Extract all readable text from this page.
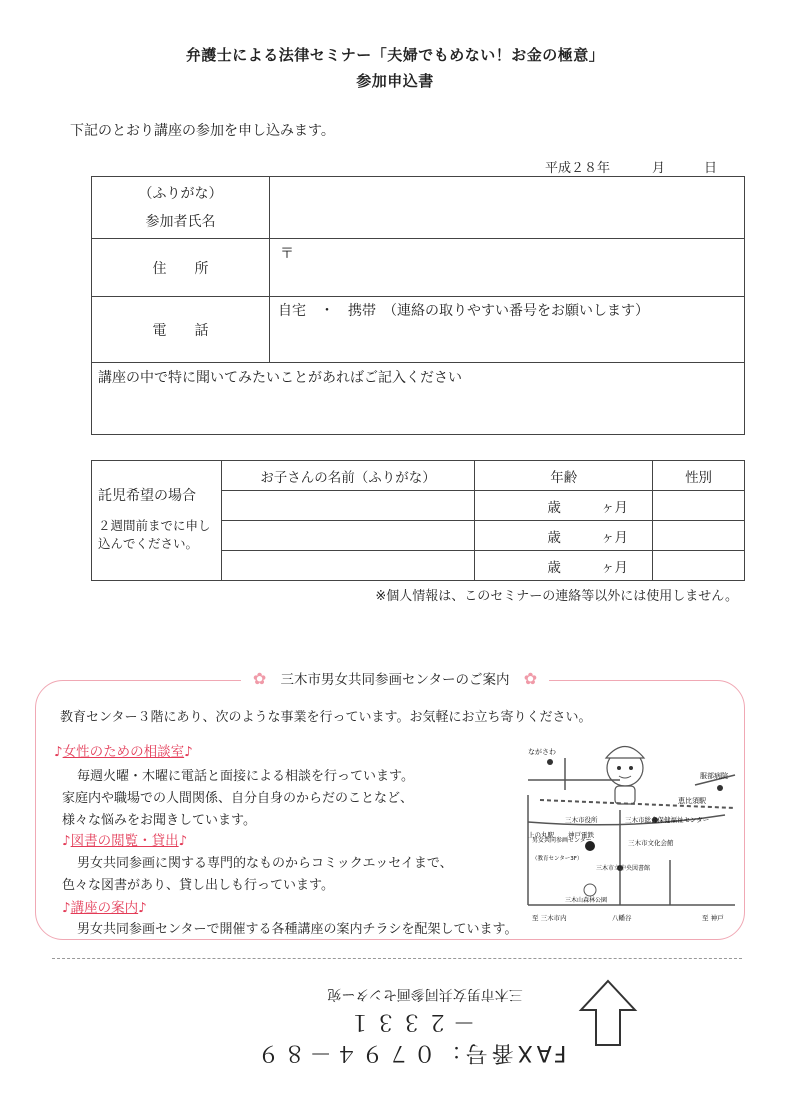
弁護士による法律セミナー「夫婦でもめない！お金の極意」
参加申込書
下記のとおり講座の参加を申し込みます。
平成２８年	月	日
（ふりがな）
参加者氏名	

住　　所	〒
電　　話	自宅　・　携帯　（連絡の取りやすい番号をお願いします）
講座の中で特に聞いてみたいことがあればご記入ください	
託児希望の場合
２週間前までに申し込んでください。	お子さんの名前（ふりがな）	年齢	性別
		歳 ヶ月	
		歳 ヶ月	
		歳 ヶ月	
※個人情報は、このセミナーの連絡等以外には使用しません。
✿ 三木市男女共同参画センターのご案内 ✿
教育センター３階にあり、次のような事業を行っています。お気軽にお立ち寄りください。
♪女性のための相談室♪
毎週火曜・木曜に電話と面接による相談を行っています。
家庭内や職場での人間関係、自分自身のからだのことなど、
様々な悩みをお聞きしています。
♪図書の閲覧・貸出♪
男女共同参画に関する専門的なものからコミックエッセイまで、
色々な図書があり、貸し出しも行っています。
♪講座の案内♪
男女共同参画センターで開催する各種講座の案内チラシを配架しています。
ながさわ
上の丸駅 神戸電鉄
服部病院
恵比須駅
三木市役所	三木市総合保健福祉センター
三木市文化会館
男女共同参画センター
（教育センター3F）
三木市立中央図書館
三木山森林公園
至 三木市内	八幡谷	至 神戸
三木市男女共同参画センター宛
FAX番号：０７９４－８９－２３３１
